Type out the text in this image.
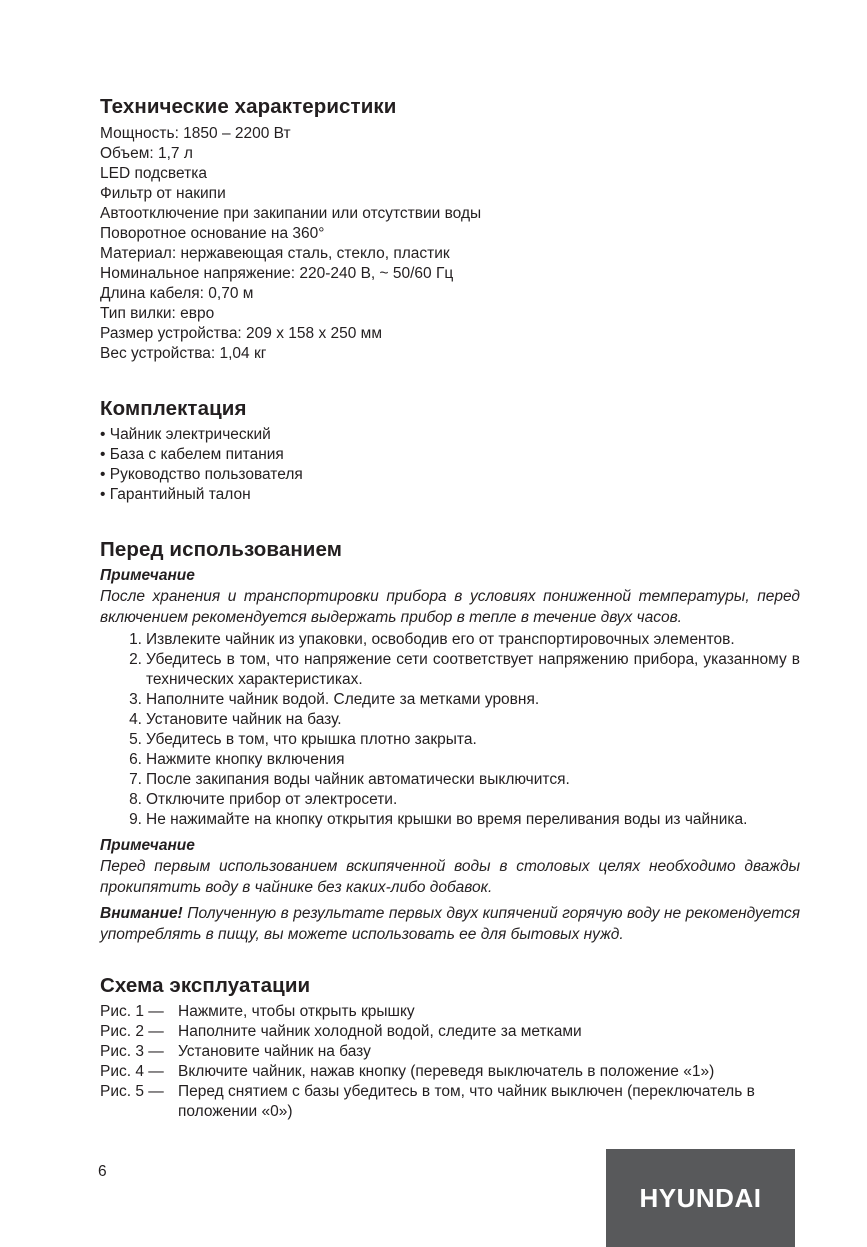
Технические характеристики
Мощность: 1850 – 2200 Вт
Объем: 1,7 л
LED подсветка
Фильтр от накипи
Автоотключение при закипании или отсутствии воды
Поворотное основание на 360°
Материал: нержавеющая сталь, стекло, пластик
Номинальное напряжение: 220-240 В, ~ 50/60 Гц
Длина кабеля: 0,70 м
Тип вилки: евро
Размер устройства: 209 х 158 х 250 мм
Вес устройства: 1,04 кг
Комплектация
• Чайник электрический
• База с кабелем питания
• Руководство пользователя
• Гарантийный талон
Перед использованием
Примечание
После хранения и транспортировки прибора в условиях пониженной температуры, перед включением рекомендуется выдержать прибор в тепле в течение двух часов.
1. Извлеките чайник из упаковки, освободив его от транспортировочных элементов.
2. Убедитесь в том, что напряжение сети соответствует напряжению прибора, указанному в технических характеристиках.
3. Наполните чайник водой. Следите за метками уровня.
4. Установите чайник на базу.
5. Убедитесь в том, что крышка плотно закрыта.
6. Нажмите кнопку включения
7. После закипания воды чайник автоматически выключится.
8. Отключите прибор от электросети.
9. Не нажимайте на кнопку открытия крышки во время переливания воды из чайника.
Примечание
Перед первым использованием вскипяченной воды в столовых целях необходимо дважды прокипятить воду в чайнике без каких-либо добавок.
Внимание! Полученную в результате первых двух кипячений горячую воду не рекомендуется употреблять в пищу, вы можете использовать ее для бытовых нужд.
Схема эксплуатации
Рис. 1 — Нажмите, чтобы открыть крышку
Рис. 2 — Наполните чайник холодной водой, следите за метками
Рис. 3 — Установите чайник на базу
Рис. 4 — Включите чайник, нажав кнопку (переведя выключатель в положение «1»)
Рис. 5 — Перед снятием с базы убедитесь в том, что чайник выключен (переключатель в положении «0»)
6
HYUNDAI
